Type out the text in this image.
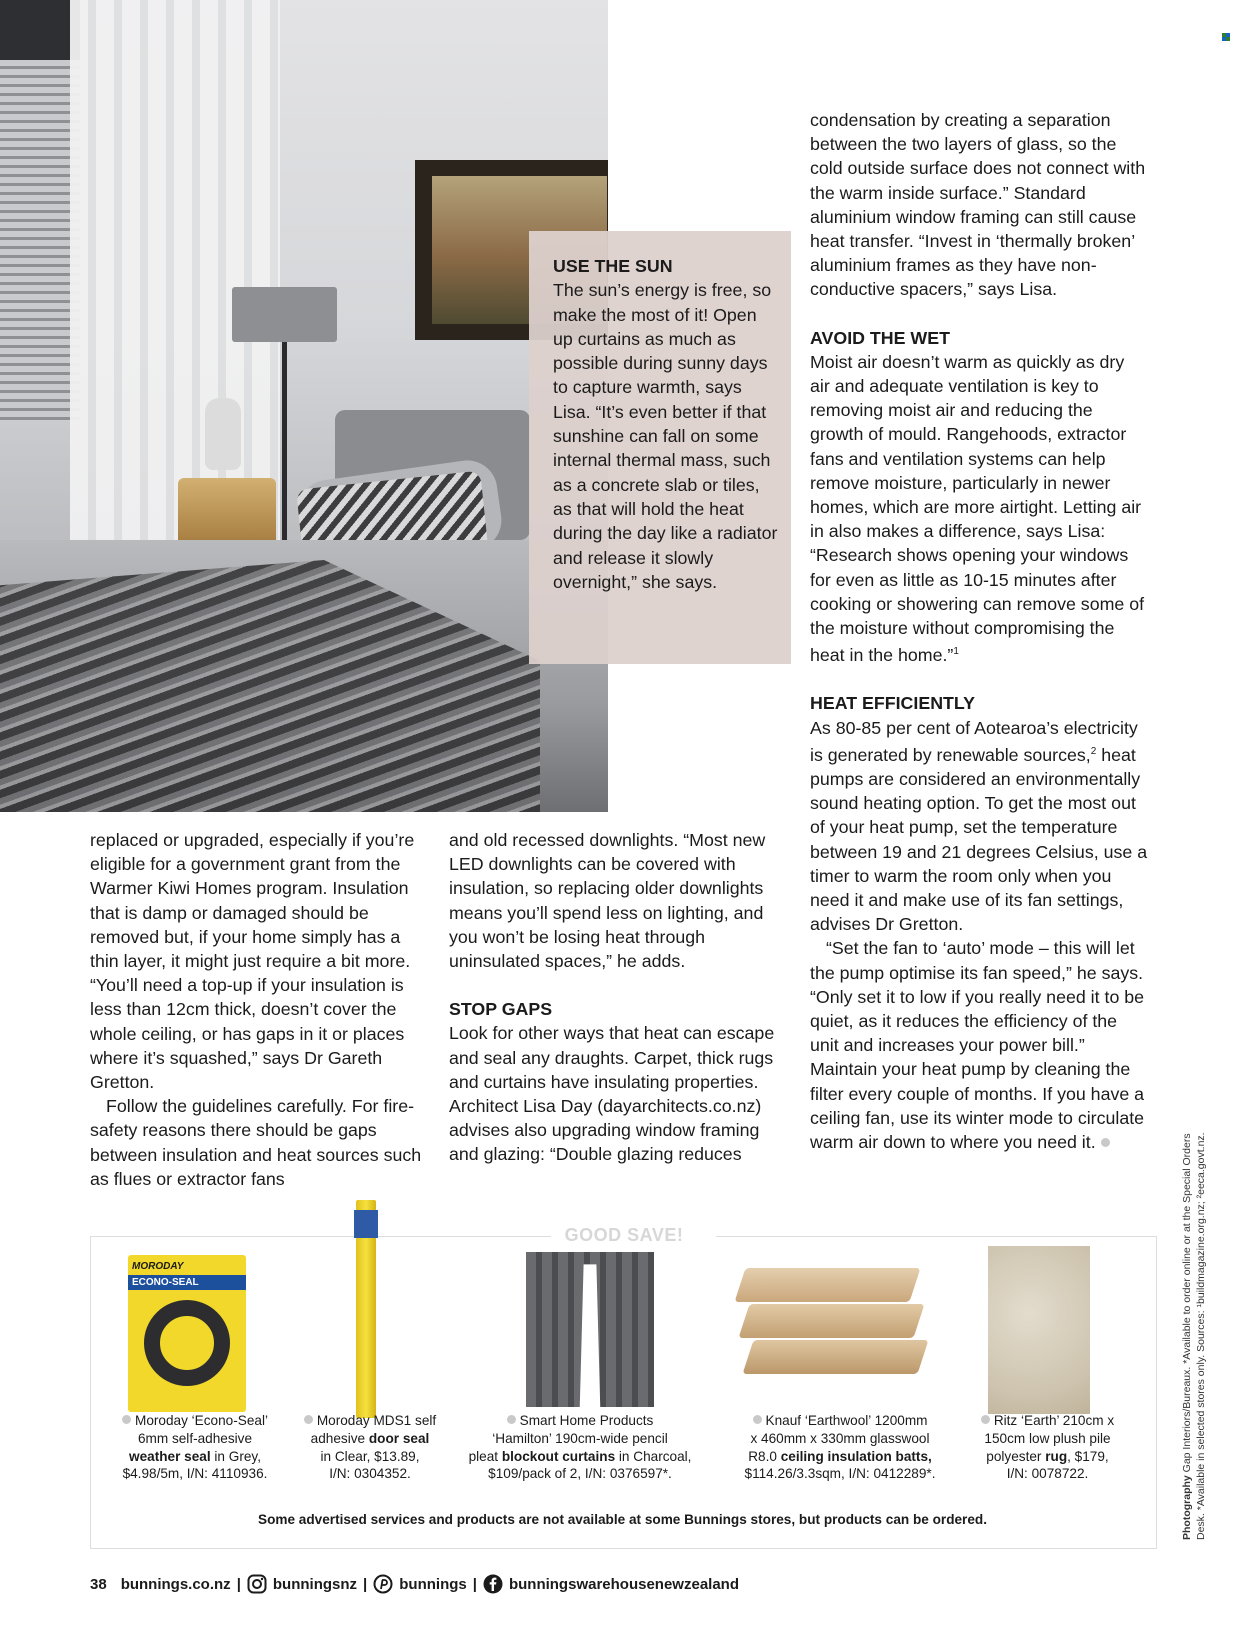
USE THE SUN

The sun’s energy is free, so make the most of it! Open up curtains as much as possible during sunny days to capture warmth, says Lisa. “It’s even better if that sunshine can fall on some internal thermal mass, such as a concrete slab or tiles, as that will hold the heat during the day like a radiator and release it slowly overnight,” she says.

condensation by creating a separation between the two layers of glass, so the cold outside surface does not connect with the warm inside surface.” Standard aluminium window framing can still cause heat transfer. “Invest in ‘thermally broken’ aluminium frames as they have non-conductive spacers,” says Lisa.

AVOID THE WET

Moist air doesn’t warm as quickly as dry air and adequate ventilation is key to removing moist air and reducing the growth of mould. Rangehoods, extractor fans and ventilation systems can help remove moisture, particularly in newer homes, which are more airtight. Letting air in also makes a difference, says Lisa: “Research shows opening your windows for even as little as 10-15 minutes after cooking or showering can remove some of the moisture without compromising the heat in the home.”$^1$

HEAT EFFICIENTLY

As 80-85 per cent of Aotearoa’s electricity is generated by renewable sources,$^2$ heat pumps are considered an environmentally sound heating option. To get the most out of your heat pump, set the temperature between 19 and 21 degrees Celsius, use a timer to warm the room only when you need it and make use of its fan settings, advises Dr Gretton.

“Set the fan to ‘auto’ mode – this will let the pump optimise its fan speed,” he says. “Only set it to low if you really need it to be quiet, as it reduces the efficiency of the unit and increases your power bill.” Maintain your heat pump by cleaning the filter every couple of months. If you have a ceiling fan, use its winter mode to circulate warm air down to where you need it.

replaced or upgraded, especially if you’re eligible for a government grant from the Warmer Kiwi Homes program. Insulation that is damp or damaged should be removed but, if your home simply has a thin layer, it might just require a bit more. “You’ll need a top-up if your insulation is less than 12cm thick, doesn’t cover the whole ceiling, or has gaps in it or places where it’s squashed,” says Dr Gareth Gretton.

Follow the guidelines carefully. For fire-safety reasons there should be gaps between insulation and heat sources such as flues or extractor fans

and old recessed downlights. “Most new LED downlights can be covered with insulation, so replacing older downlights means you’ll spend less on lighting, and you won’t be losing heat through uninsulated spaces,” he adds.

STOP GAPS

Look for other ways that heat can escape and seal any draughts. Carpet, thick rugs and curtains have insulating properties. Architect Lisa Day (dayarchitects.co.nz) advises also upgrading window framing and glazing: “Double glazing reduces

GOOD SAVE!
MORODAY
ECONO-SEAL

Moroday ‘Econo-Seal’

6mm self-adhesive

weather seal in Grey,

$4.98/5m, I/N: 4110936.

Moroday MDS1 self

adhesive door seal

in Clear, $13.89,

I/N: 0304352.

Smart Home Products

‘Hamilton’ 190cm-wide pencil

pleat blockout curtains in Charcoal,

$109/pack of 2, I/N: 0376597*.

Knauf ‘Earthwool’ 1200mm

x 460mm x 330mm glasswool

R8.0 ceiling insulation batts,

$114.26/3.3sqm, I/N: 0412289*.

Ritz ‘Earth’ 210cm x

150cm low plush pile

polyester rug, $179,

I/N: 0078722.

Some advertised services and products are not available at some Bunnings stores, but products can be ordered.
38 bunnings.co.nz | bunningsnz | bunnings | bunningswarehousenewzealand
Photography Gap Interiors/Bureaux. *Available to order online or at the Special Orders Desk. *Available in selected stores only. Sources: ¹buildmagazine.org.nz; ²eeca.govt.nz.
